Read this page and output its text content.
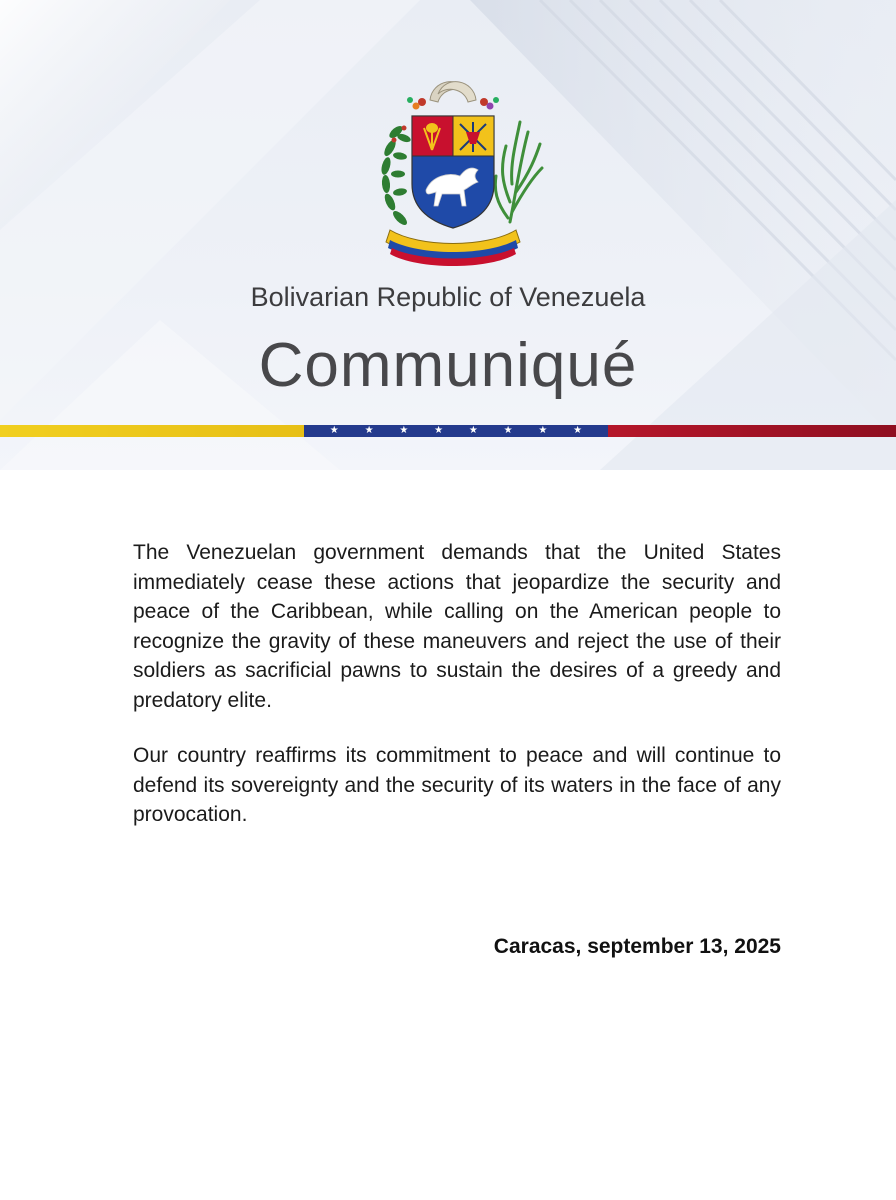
Bolivarian Republic of Venezuela
Communiqué
★	★	★	★	★	★	★	★

The Venezuelan government demands that the United States immediately cease these actions that jeopardize the security and peace of the Caribbean, while calling on the American people to recognize the gravity of these maneuvers and reject the use of their soldiers as sacrificial pawns to sustain the desires of a greedy and predatory elite.

Our country reaffirms its commitment to peace and will continue to defend its sovereignty and the security of its waters in the face of any provocation.

Caracas, september 13, 2025
